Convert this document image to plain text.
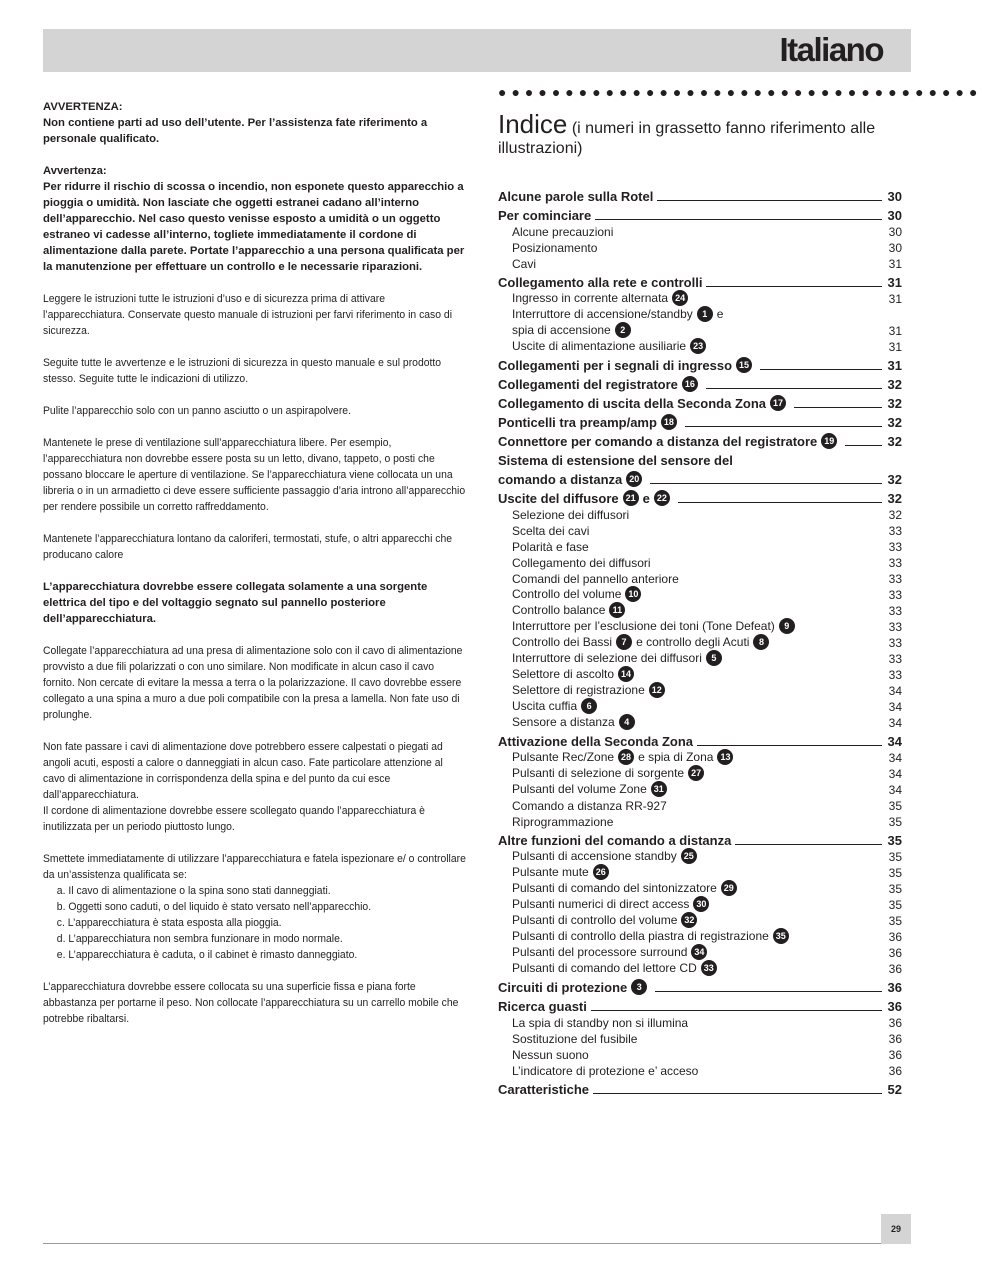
Italiano
AVVERTENZA:
Non contiene parti ad uso dell’utente. Per l’assistenza fate riferimento a personale qualificato.
Avvertenza:
Per ridurre il rischio di scossa o incendio, non esponete questo apparecchio a pioggia o umidità. Non lasciate che oggetti estranei cadano all’interno dell’apparecchio. Nel caso questo venisse esposto a umidità o un oggetto estraneo vi cadesse all’interno, togliete immediatamente il cordone di alimentazione dalla parete. Portate l’apparecchio a una persona qualificata per la manutenzione per effettuare un controllo e le necessarie riparazioni.
Leggere le istruzioni tutte le istruzioni d’uso e di sicurezza prima di attivare l’apparecchiatura. Conservate questo manuale di istruzioni per farvi riferimento in caso di sicurezza.
Seguite tutte le avvertenze e le istruzioni di sicurezza in questo manuale e sul prodotto stesso. Seguite tutte le indicazioni di utilizzo.
Pulite l’apparecchio solo con un panno asciutto o un aspirapolvere.
Mantenete le prese di ventilazione sull’apparecchiatura libere. Per esempio, l’apparecchiatura non dovrebbe essere posta su un letto, divano, tappeto, o posti che possano bloccare le aperture di ventilazione. Se l’apparecchiatura viene collocata un una libreria o in un armadietto ci deve essere sufficiente passaggio d’aria introno all’apparecchio per rendere possibile un corretto raffreddamento.
Mantenete l’apparecchiatura lontano da caloriferi, termostati, stufe, o altri apparecchi che producano calore
L’apparecchiatura dovrebbe essere collegata solamente a una sorgente elettrica del tipo e del voltaggio segnato sul pannello posteriore dell’apparecchiatura.
Collegate l’apparecchiatura ad una presa di alimentazione solo con il cavo di alimentazione provvisto a due fili polarizzati o con uno similare. Non modificate in alcun caso il cavo fornito. Non cercate di evitare la messa a terra o la polarizzazione. Il cavo dovrebbe essere collegato a una spina a muro a due poli compatibile con la presa a lamella. Non fate uso di prolunghe.
Non fate passare i cavi di alimentazione dove potrebbero essere calpestati o piegati ad angoli acuti, esposti a calore o danneggiati in alcun caso. Fate particolare attenzione al cavo di alimentazione in corrispondenza della spina e del punto da cui esce dall’apparecchiatura.
Il cordone di alimentazione dovrebbe essere scollegato quando l’apparecchiatura è inutilizzata per un periodo piuttosto lungo.
Smettete immediatamente di utilizzare l’apparecchiatura e fatela ispezionare e/ o controllare da un’assistenza qualificata se:
a. Il cavo di alimentazione o la spina sono stati danneggiati.
b. Oggetti sono caduti, o del liquido è stato versato nell’apparecchio.
c. L’apparecchiatura è stata esposta alla pioggia.
d. L’apparecchiatura non sembra funzionare in modo normale.
e. L’apparecchiatura è caduta, o il cabinet è rimasto danneggiato.
L’apparecchiatura dovrebbe essere collocata su una superficie fissa e piana forte abbastanza per portarne il peso. Non collocate l’apparecchiatura su un carrello mobile che potrebbe ribaltarsi.
●●●●●●●●●●●●●●●●●●●●●●●●●●●●●●●●●●●●
Indice (i numeri in grassetto fanno riferimento alle illustrazioni)
Alcune parole sulla Rotel	30
Per cominciare	30
Alcune precauzioni	30
Posizionamento	30
Cavi	31
Collegamento alla rete e controlli	31
Ingresso in corrente alternata 24	31
Interruttore di accensione/standby	1 e
spia di accensione	2	31
Uscite di alimentazione ausiliarie 23	31
Collegamenti per i segnali di ingresso 15	31
Collegamenti del registratore 16	32
Collegamento di uscita della Seconda Zona 17	32
Ponticelli tra preamp/amp 18	32
Connettore per comando a distanza del registratore 19	32
Sistema di estensione del sensore del
comando a distanza 20	32
Uscite del diffusore 21 e 22	32
Selezione dei diffusori	32
Scelta dei cavi	33
Polarità e fase	33
Collegamento dei diffusori	33
Comandi del pannello anteriore	33
Controllo del volume 10	33
Controllo balance 11	33
Interruttore per l’esclusione dei toni (Tone Defeat)	9	33
Controllo dei Bassi	7 e controllo degli Acuti	8	33
Interruttore di selezione dei diffusori	5	33
Selettore di ascolto 14	33
Selettore di registrazione 12	34
Uscita cuffia	6	34
Sensore a distanza	4	34
Attivazione della Seconda Zona	34
Pulsante Rec/Zone 28 e spia di Zona 13	34
Pulsanti di selezione di sorgente 27	34
Pulsanti del volume Zone 31	34
Comando a distanza RR-927	35
Riprogrammazione	35
Altre funzioni del comando a distanza	35
Pulsanti di accensione standby 25	35
Pulsante mute 26	35
Pulsanti di comando del sintonizzatore 29	35
Pulsanti numerici di direct access 30	35
Pulsanti di controllo del volume 32	35
Pulsanti di controllo della piastra di registrazione 35	36
Pulsanti del processore surround 34	36
Pulsanti di comando del lettore CD 33	36
Circuiti di protezione	3	36
Ricerca guasti	36
La spia di standby non si illumina	36
Sostituzione del fusibile	36
Nessun suono	36
L’indicatore di protezione e’ acceso	36
Caratteristiche	52
29
